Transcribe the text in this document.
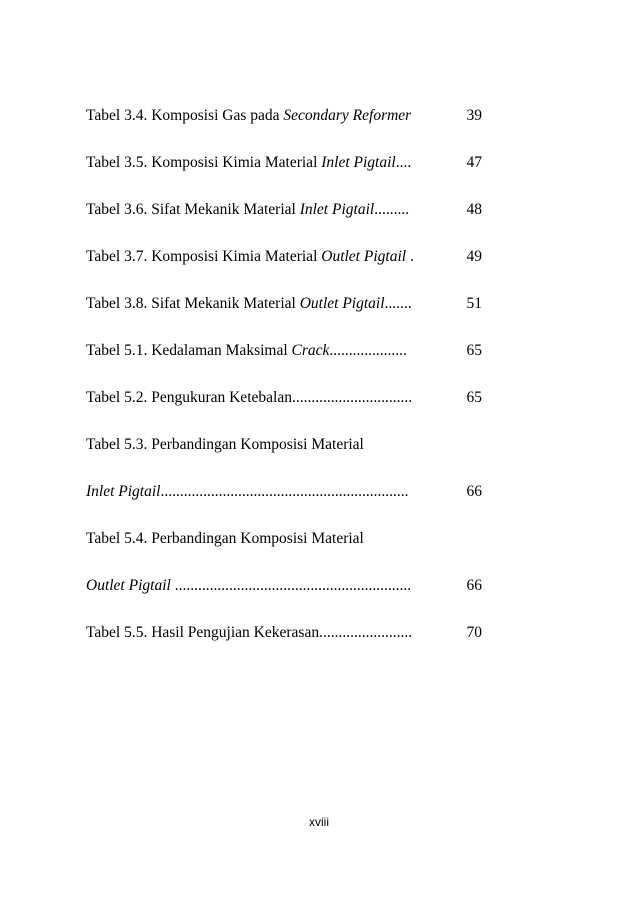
Tabel 3.4. Komposisi Gas pada Secondary Reformer	39
Tabel 3.5. Komposisi Kimia Material Inlet Pigtail....	47
Tabel 3.6. Sifat Mekanik Material Inlet Pigtail.........	48
Tabel 3.7. Komposisi Kimia Material Outlet Pigtail .	49
Tabel 3.8. Sifat Mekanik Material Outlet Pigtail.......	51
Tabel 5.1. Kedalaman Maksimal Crack....................	65
Tabel 5.2. Pengukuran Ketebalan...............................	65
Tabel 5.3. Perbandingan Komposisi Material
Inlet Pigtail................................................................	66
Tabel 5.4. Perbandingan Komposisi Material
Outlet Pigtail .............................................................	66
Tabel 5.5. Hasil Pengujian Kekerasan........................	70
xviii
